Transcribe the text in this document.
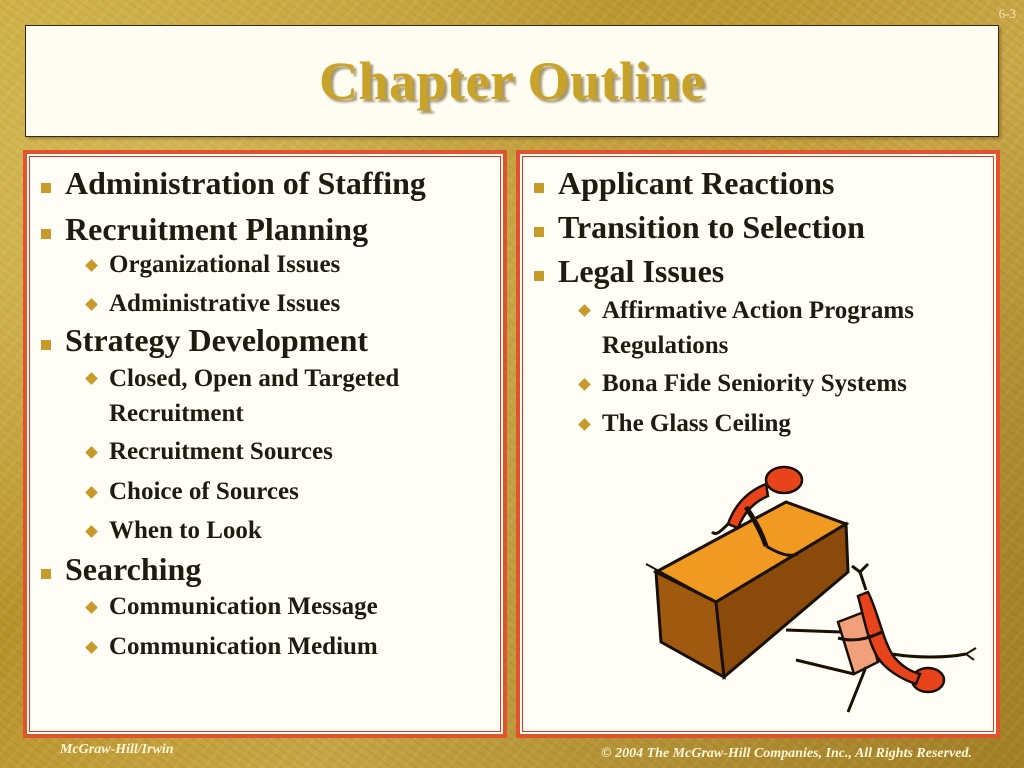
6-3
Chapter Outline
Administration of Staffing
Recruitment Planning
Organizational Issues
Administrative Issues
Strategy Development
Closed, Open and Targeted Recruitment
Recruitment Sources
Choice of Sources
When to Look
Searching
Communication Message
Communication Medium
Applicant Reactions
Transition to Selection
Legal Issues
Affirmative Action Programs Regulations
Bona Fide Seniority Systems
The Glass Ceiling
McGraw-Hill/Irwin	© 2004 The McGraw-Hill Companies, Inc., All Rights Reserved.
